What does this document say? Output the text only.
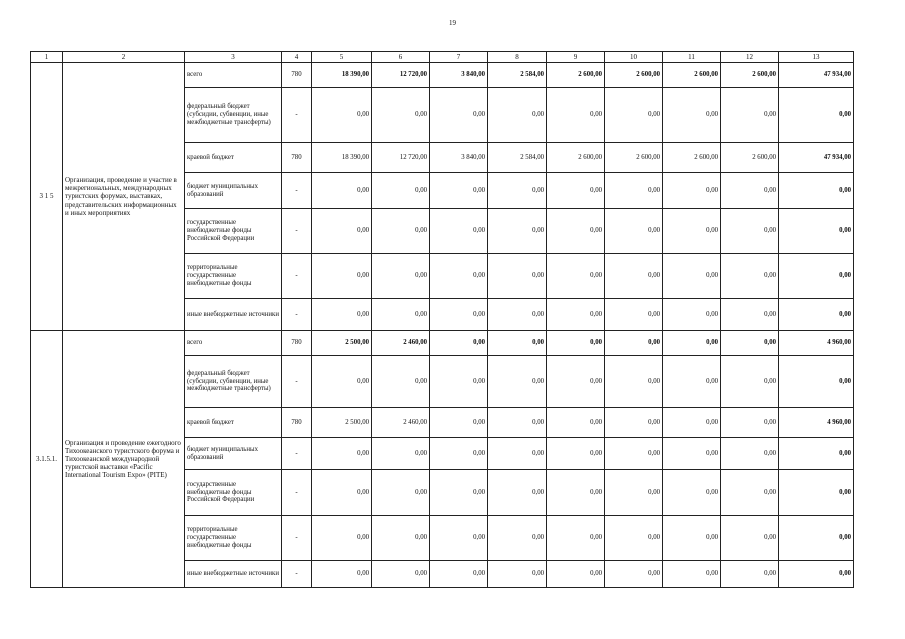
19
1	2	3	4	5	6	7	8	9	10	11	12	13
3 1 5	Организация, проведение и участие в межрегиональных, международных туристских форумах, выставках, представительских информационных и иных мероприятиях	всего	780	18 390,00	12 720,00	3 840,00	2 584,00	2 600,00	2 600,00	2 600,00	2 600,00	47 934,00
		федеральный бюджет (субсидии, субвенции, иные межбюджетные трансферты)	-	0,00	0,00	0,00	0,00	0,00	0,00	0,00	0,00	0,00
		краевой бюджет	780	18 390,00	12 720,00	3 840,00	2 584,00	2 600,00	2 600,00	2 600,00	2 600,00	47 934,00
		бюджет муниципальных образований	-	0,00	0,00	0,00	0,00	0,00	0,00	0,00	0,00	0,00
		государственные внебюджетные фонды Российской Федерации	-	0,00	0,00	0,00	0,00	0,00	0,00	0,00	0,00	0,00
		территориальные государственные внебюджетные фонды	-	0,00	0,00	0,00	0,00	0,00	0,00	0,00	0,00	0,00
		иные внебюджетные источники	-	0,00	0,00	0,00	0,00	0,00	0,00	0,00	0,00	0,00
3.1.5.1.	Организация и проведение ежегодного Тихоокеанского туристского форума и Тихоокеанской международной туристской выставки «Pacific International Tourism Expo» (PITE)	всего	780	2 500,00	2 460,00	0,00	0,00	0,00	0,00	0,00	0,00	4 960,00
		федеральный бюджет (субсидии, субвенции, иные межбюджетные трансферты)	-	0,00	0,00	0,00	0,00	0,00	0,00	0,00	0,00	0,00
		краевой бюджет	780	2 500,00	2 460,00	0,00	0,00	0,00	0,00	0,00	0,00	4 960,00
		бюджет муниципальных образований	-	0,00	0,00	0,00	0,00	0,00	0,00	0,00	0,00	0,00
		государственные внебюджетные фонды Российской Федерации	-	0,00	0,00	0,00	0,00	0,00	0,00	0,00	0,00	0,00
		территориальные государственные внебюджетные фонды	-	0,00	0,00	0,00	0,00	0,00	0,00	0,00	0,00	0,00
		иные внебюджетные источники	-	0,00	0,00	0,00	0,00	0,00	0,00	0,00	0,00	0,00
